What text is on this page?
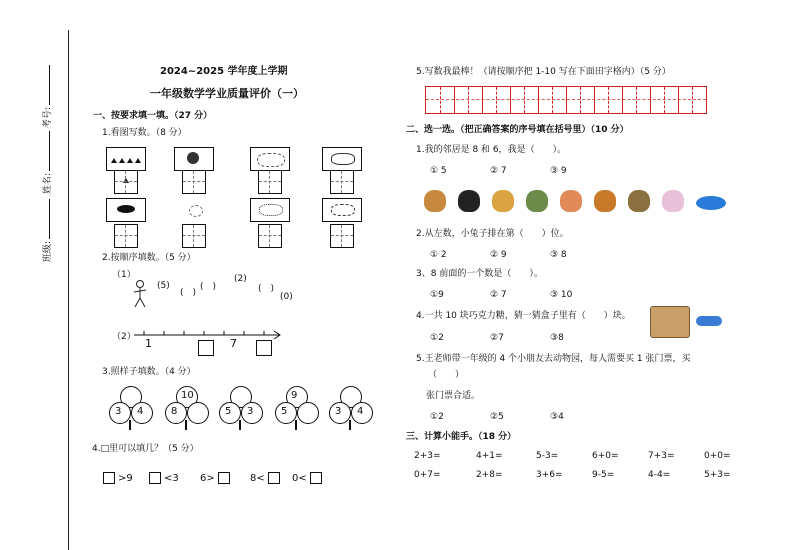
班级:
姓名:
考号:
2024~2025 学年度上学期
一年级数学学业质量评价（一）
一、按要求填一填。（27 分）
1.看图写数。（8 分）
2.按顺序填数。（5 分）
（1）
(5)
(　)
(　)
(2)
(　)
(0)
（2） 1	7
3.照样子填数。（4 分）
3 4
10
8	5 3
9
5	3 4
4.□里可以填几？（5 分）
>9	<3 6>	8<	0<
5.写数我最棒！（请按顺序把 1-10 写在下面田字格内）（5 分）
二、选一选。（把正确答案的序号填在括号里）（10 分）
1.我的邻居是 8 和 6，我是（　　）。
① 5	② 7	③ 9
2.从左数，小兔子排在第（　　）位。
① 2	② 9	③ 8
3、8 前面的一个数是（　　）。
①9	② 7	③ 10
4.一共 10 块巧克力糖，猜一猜盒子里有（　　）块。
①2	②7	③8
5.王老师带一年级的 4 个小朋友去动物园，每人需要买 1 张门票，买
（　　）
张门票合适。
①2	②5	③4
三、计算小能手。（18 分）
2+3=	4+1=	5-3=	6+0=	7+3=	0+0=
0+7=	2+8=	3+6=	9-5=	4-4=	5+3=
